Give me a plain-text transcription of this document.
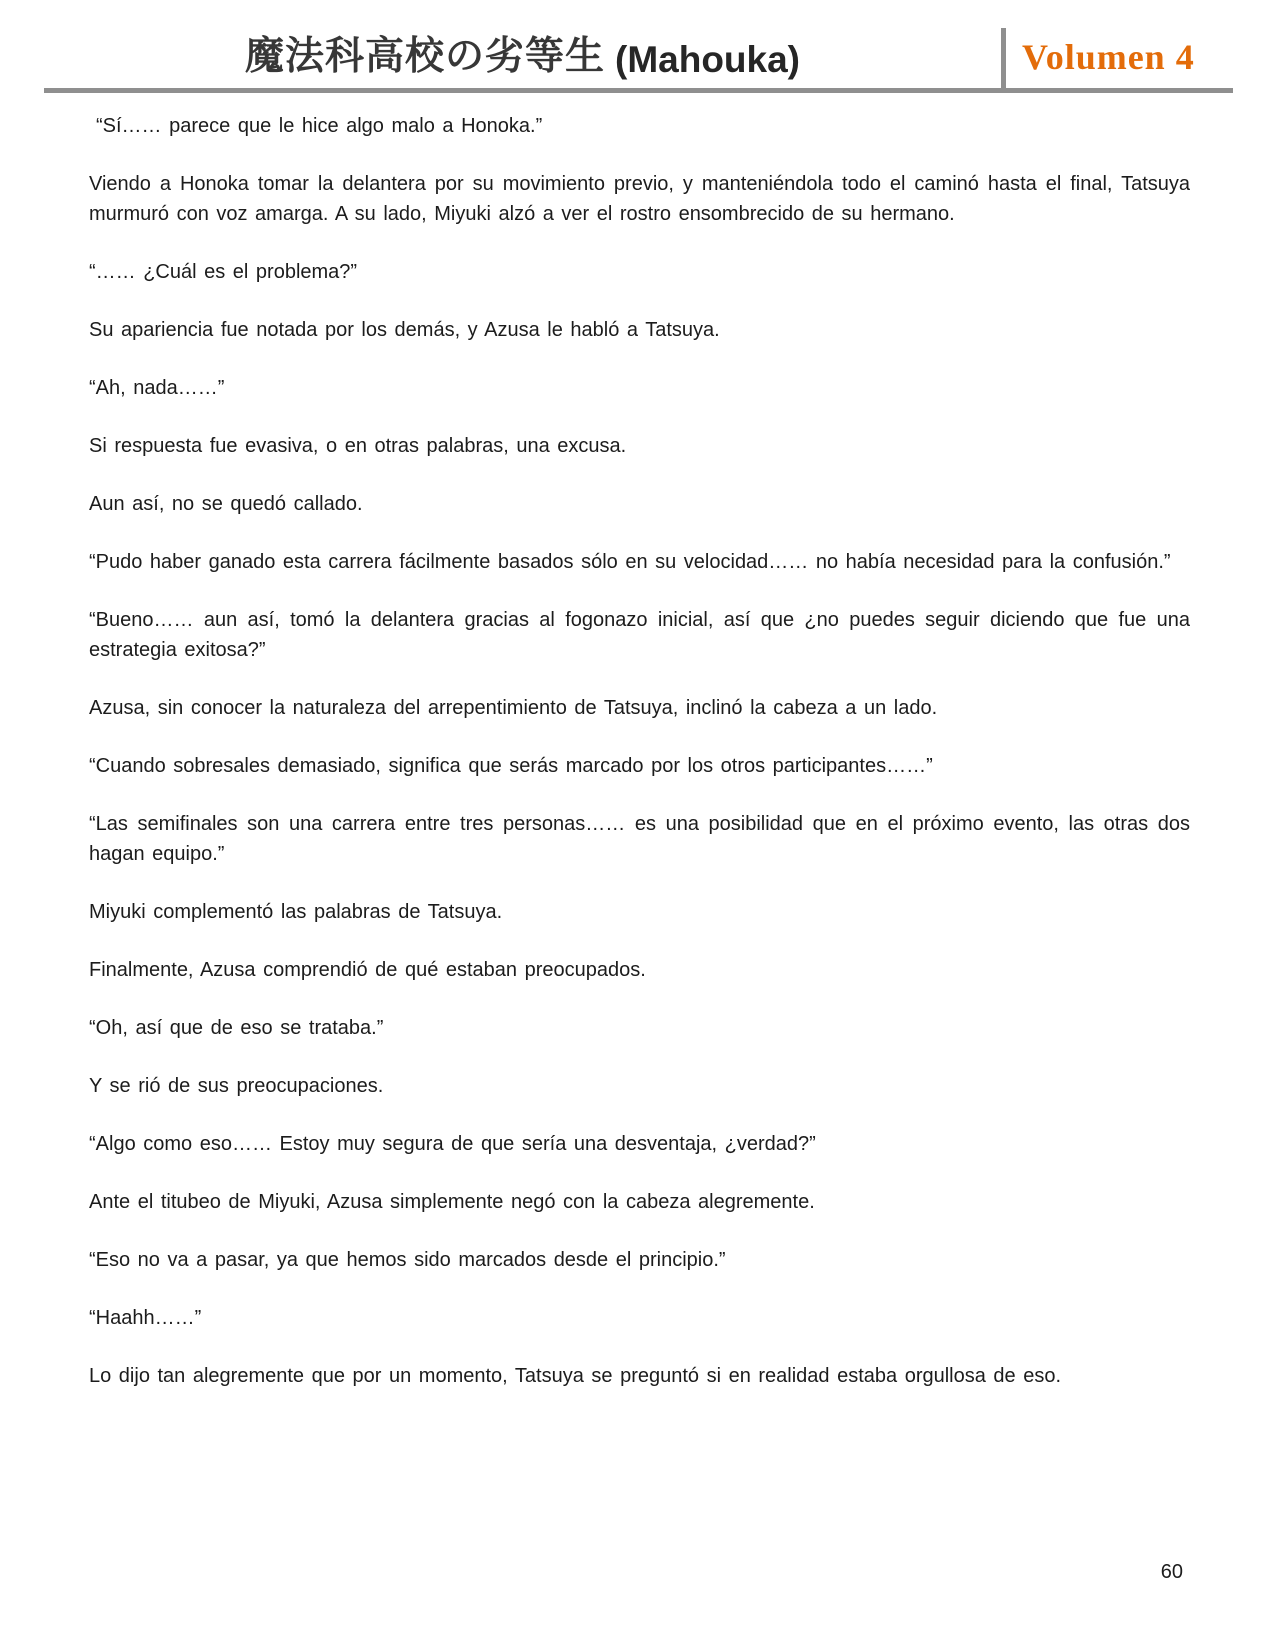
魔法科高校の劣等生 (Mahouka)	Volumen 4

“Sí…… parece que le hice algo malo a Honoka.”

Viendo a Honoka tomar la delantera por su movimiento previo, y manteniéndola todo el caminó hasta el final, Tatsuya murmuró con voz amarga. A su lado, Miyuki alzó a ver el rostro ensombrecido de su hermano.

“…… ¿Cuál es el problema?”

Su apariencia fue notada por los demás, y Azusa le habló a Tatsuya.

“Ah, nada……”

Si respuesta fue evasiva, o en otras palabras, una excusa.

Aun así, no se quedó callado.

“Pudo haber ganado esta carrera fácilmente basados sólo en su velocidad…… no había necesidad para la confusión.”

“Bueno…… aun así, tomó la delantera gracias al fogonazo inicial, así que ¿no puedes seguir diciendo que fue una estrategia exitosa?”

Azusa, sin conocer la naturaleza del arrepentimiento de Tatsuya, inclinó la cabeza a un lado.

“Cuando sobresales demasiado, significa que serás marcado por los otros participantes……”

“Las semifinales son una carrera entre tres personas…… es una posibilidad que en el próximo evento, las otras dos hagan equipo.”

Miyuki complementó las palabras de Tatsuya.

Finalmente, Azusa comprendió de qué estaban preocupados.

“Oh, así que de eso se trataba.”

Y se rió de sus preocupaciones.

“Algo como eso…… Estoy muy segura de que sería una desventaja, ¿verdad?”

Ante el titubeo de Miyuki, Azusa simplemente negó con la cabeza alegremente.

“Eso no va a pasar, ya que hemos sido marcados desde el principio.”

“Haahh……”

Lo dijo tan alegremente que por un momento, Tatsuya se preguntó si en realidad estaba orgullosa de eso.

60
